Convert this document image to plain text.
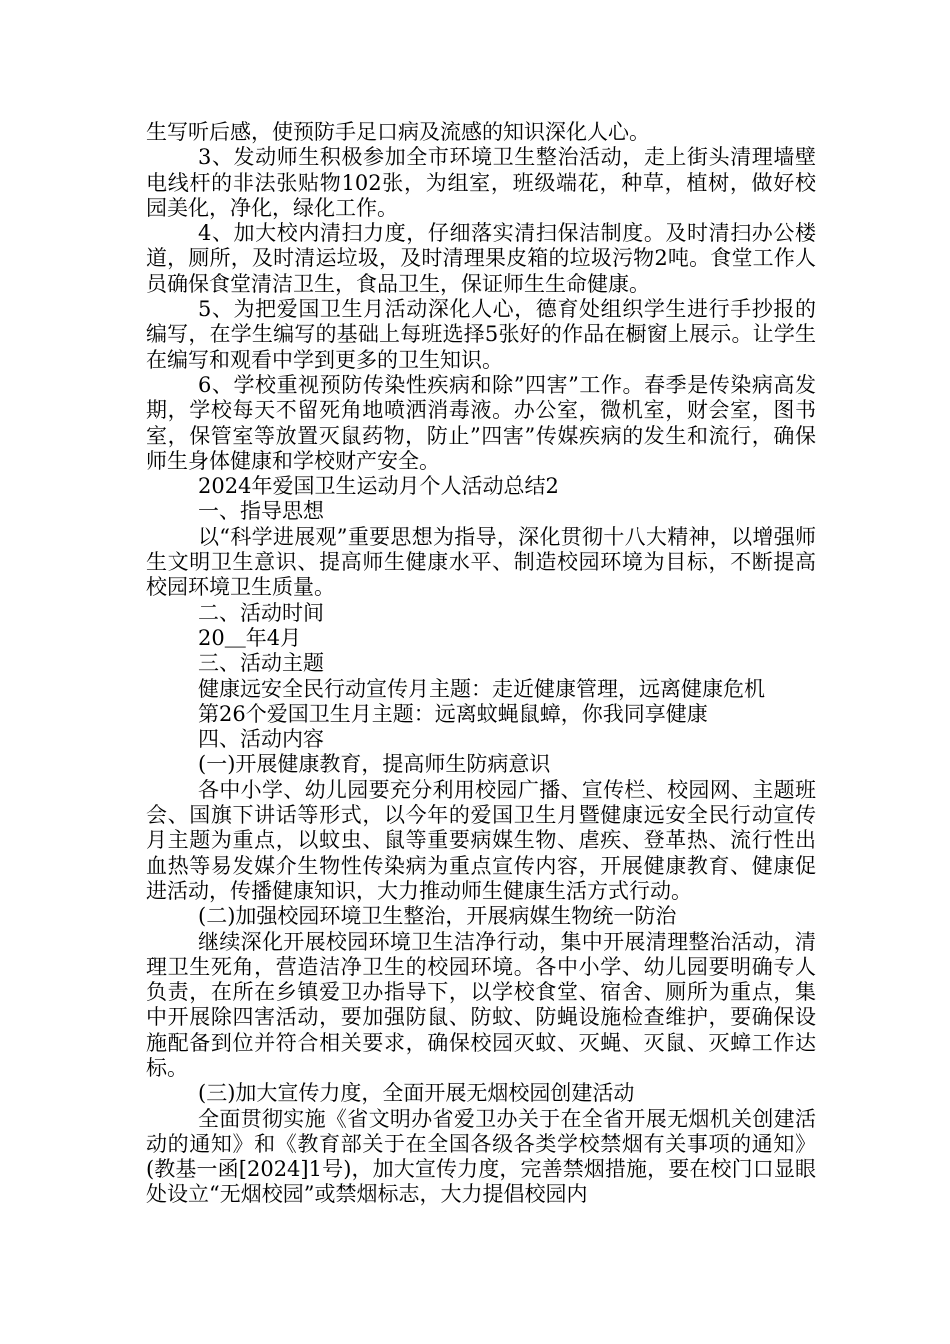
生写听后感，使预防手足口病及流感的知识深化人心。

3、发动师生积极参加全市环境卫生整治活动，走上街头清理墙壁电线杆的非法张贴物102张，为组室，班级端花，种草，植树，做好校园美化，净化，绿化工作。

4、加大校内清扫力度，仔细落实清扫保洁制度。及时清扫办公楼道，厕所，及时清运垃圾，及时清理果皮箱的垃圾污物2吨。食堂工作人员确保食堂清洁卫生，食品卫生，保证师生生命健康。

5、为把爱国卫生月活动深化人心，德育处组织学生进行手抄报的编写，在学生编写的基础上每班选择5张好的作品在橱窗上展示。让学生在编写和观看中学到更多的卫生知识。

6、学校重视预防传染性疾病和除”四害”工作。春季是传染病高发期，学校每天不留死角地喷洒消毒液。办公室，微机室，财会室，图书室，保管室等放置灭鼠药物，防止”四害”传媒疾病的发生和流行，确保师生身体健康和学校财产安全。

2024年爱国卫生运动月个人活动总结2

一、指导思想

以“科学进展观”重要思想为指导，深化贯彻十八大精神，以增强师生文明卫生意识、提高师生健康水平、制造校园环境为目标，不断提高校园环境卫生质量。

二、活动时间

20＿年4月

三、活动主题

健康远安全民行动宣传月主题：走近健康管理，远离健康危机

第26个爱国卫生月主题：远离蚊蝇鼠蟑，你我同享健康

四、活动内容

(一)开展健康教育，提高师生防病意识

各中小学、幼儿园要充分利用校园广播、宣传栏、校园网、主题班会、国旗下讲话等形式，以今年的爱国卫生月暨健康远安全民行动宣传月主题为重点，以蚊虫、鼠等重要病媒生物、虐疾、登革热、流行性出血热等易发媒介生物性传染病为重点宣传内容，开展健康教育、健康促进活动，传播健康知识，大力推动师生健康生活方式行动。

(二)加强校园环境卫生整治，开展病媒生物统一防治

继续深化开展校园环境卫生洁净行动，集中开展清理整治活动，清理卫生死角，营造洁净卫生的校园环境。各中小学、幼儿园要明确专人负责，在所在乡镇爱卫办指导下，以学校食堂、宿舍、厕所为重点，集中开展除四害活动，要加强防鼠、防蚊、防蝇设施检查维护，要确保设施配备到位并符合相关要求，确保校园灭蚊、灭蝇、灭鼠、灭蟑工作达标。

(三)加大宣传力度，全面开展无烟校园创建活动

全面贯彻实施《省文明办省爱卫办关于在全省开展无烟机关创建活动的通知》和《教育部关于在全国各级各类学校禁烟有关事项的通知》(教基一函[2024]1号)，加大宣传力度，完善禁烟措施，要在校门口显眼处设立“无烟校园”或禁烟标志，大力提倡校园内
